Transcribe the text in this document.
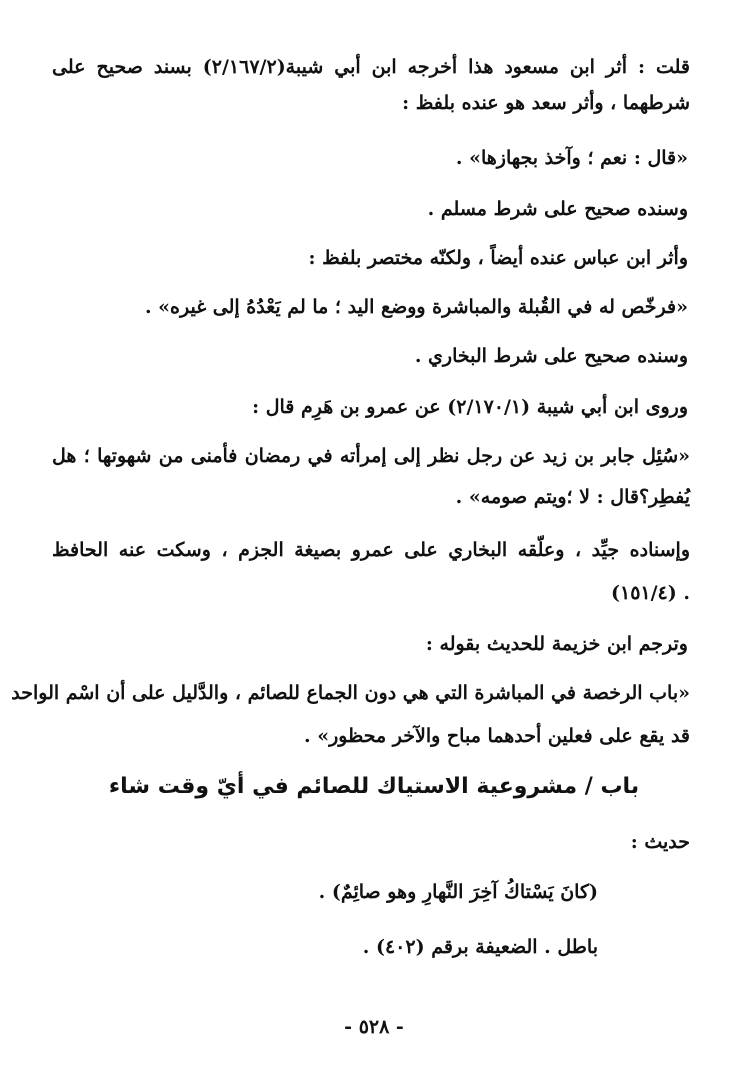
قلت : أثر ابن مسعود هذا أخرجه ابن أبي شيبة(٢/١٦٧/٢) بسند صحيح على
شرطهما ، وأثر سعد هو عنده بلفظ :
«قال : نعم ؛ وآخذ بجهازها» .
وسنده صحيح على شرط مسلم .
وأثر ابن عباس عنده أيضاً ، ولكنّه مختصر بلفظ :
«فرخّص له في القُبلة والمباشرة ووضع اليد ؛ ما لم يَعْدُهُ إلى غيره» .
وسنده صحيح على شرط البخاري .
وروى ابن أبي شيبة (٢/١٧٠/١) عن عمرو بن هَرِم قال :
«سُئِل جابر بن زيد عن رجل نظر إلى إمرأته في رمضان فأمنى من شهوتها ؛ هل
يُفطِر؟قال : لا ؛ويتم صومه» .
وإسناده جيِّد ، وعلّقه البخاري على عمرو بصيغة الجزم ، وسكت عنه الحافظ
(١٥١/٤) .
وترجم ابن خزيمة للحديث بقوله :
«باب الرخصة في المباشرة التي هي دون الجماع للصائم ، والدَّليل على أن اسْم الواحد
قد يقع على فعلين أحدهما مباح والآخر محظور» .
باب / مشروعية الاستياك للصائم في أيّ وقت شاء
حديث :
(كانَ يَسْتاكُ آخِرَ النَّهارِ وهو صائِمٌ) .
باطل . الضعيفة برقم (٤٠٢) .
- ٥٢٨ -
